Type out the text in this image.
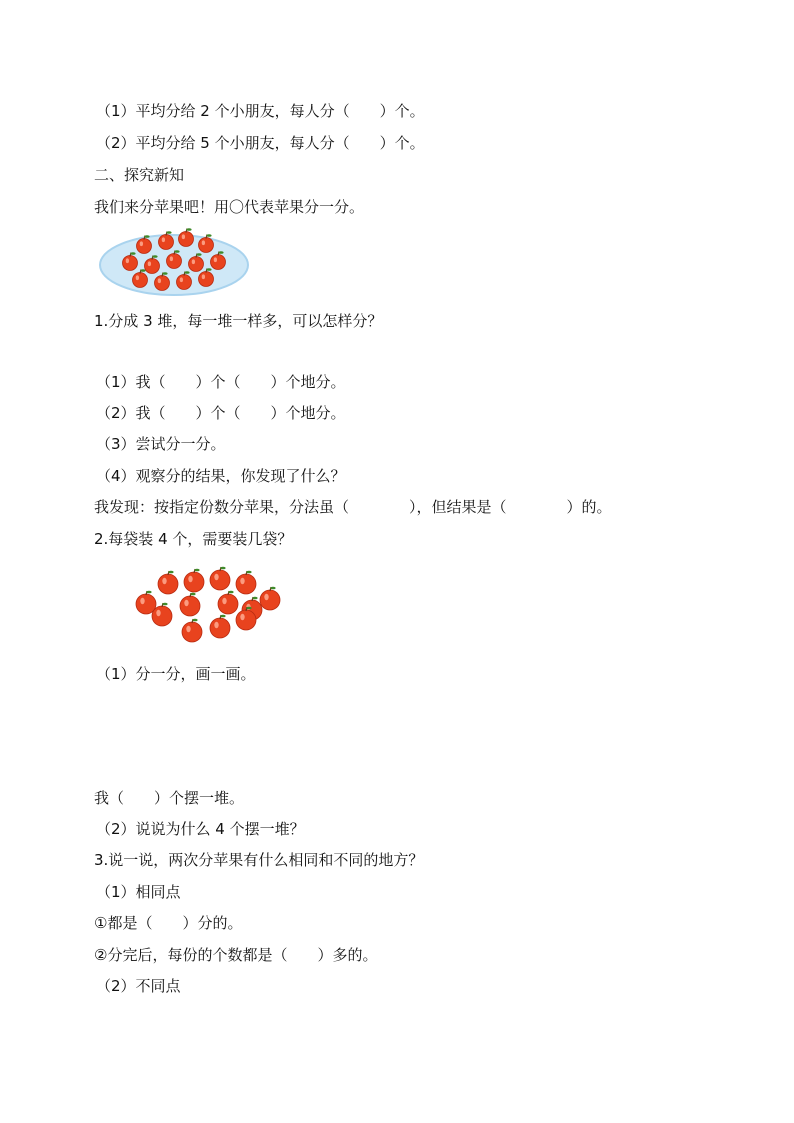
（1）平均分给 2 个小朋友，每人分（　　）个。
（2）平均分给 5 个小朋友，每人分（　　）个。
二、探究新知
我们来分苹果吧！用〇代表苹果分一分。
1.分成 3 堆，每一堆一样多，可以怎样分？
（1）我（　　）个（　　）个地分。
（2）我（　　）个（　　）个地分。
（3）尝试分一分。
（4）观察分的结果，你发现了什么？
我发现：按指定份数分苹果，分法虽（　　　　），但结果是（　　　　）的。
2.每袋装 4 个，需要装几袋？
（1）分一分，画一画。
我（　　）个摆一堆。
（2）说说为什么 4 个摆一堆？
3.说一说，两次分苹果有什么相同和不同的地方？
（1）相同点
①都是（　　）分的。
②分完后，每份的个数都是（　　）多的。
（2）不同点
